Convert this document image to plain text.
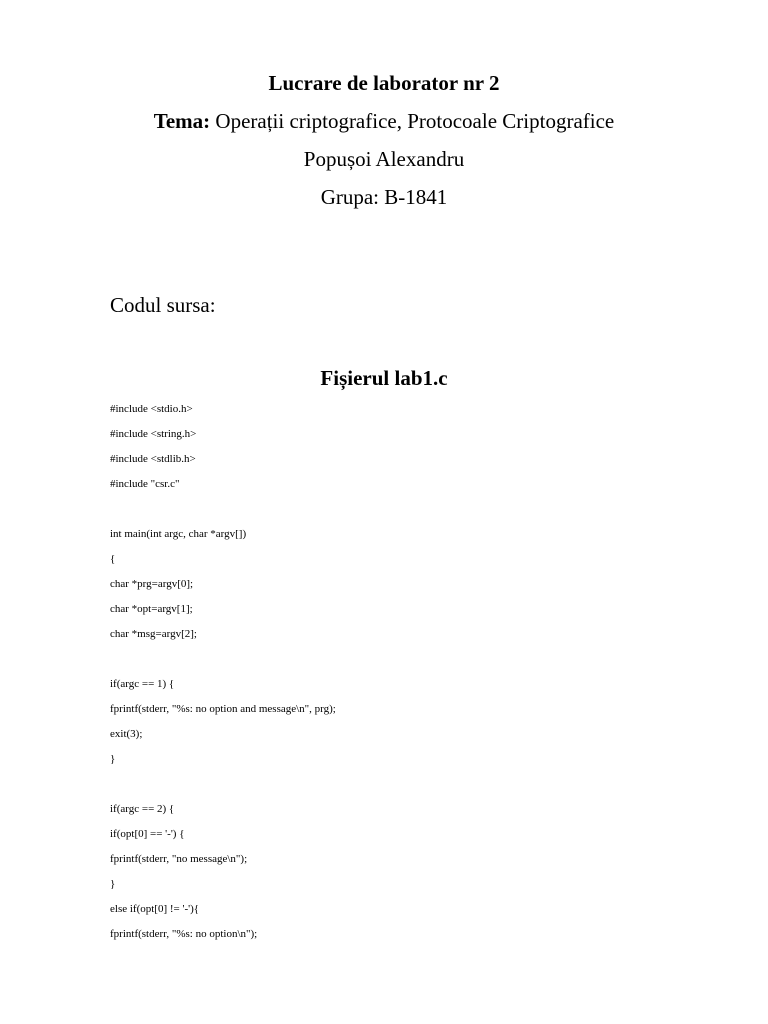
Lucrare de laborator nr 2
Tema: Operații criptografice, Protocoale Criptografice
Popușoi Alexandru
Grupa: B-1841
Codul sursa:
Fișierul lab1.c
#include <stdio.h>
#include <string.h>
#include <stdlib.h>
#include "csr.c"
int main(int argc, char *argv[])
{
char *prg=argv[0];
char *opt=argv[1];
char *msg=argv[2];
if(argc == 1) {
fprintf(stderr, "%s: no option and message\n", prg);
exit(3);
}
if(argc == 2) {
if(opt[0] == '-') {
fprintf(stderr, "no message\n");
}
else if(opt[0] != '-'){
fprintf(stderr, "%s: no option\n");
